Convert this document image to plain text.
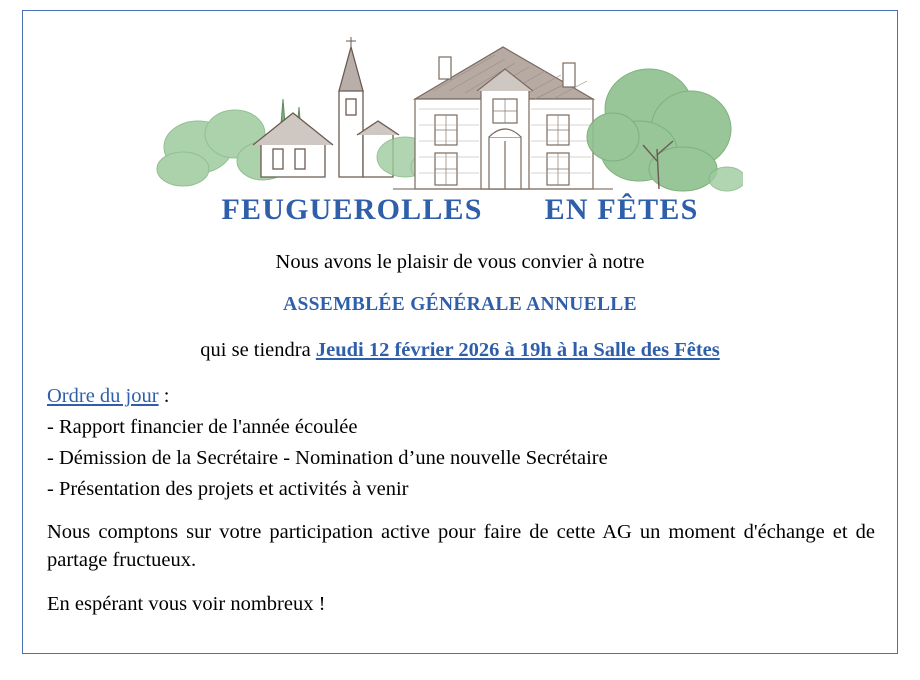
FEUGUEROLLES EN FÊTES
Nous avons le plaisir de vous convier à notre
ASSEMBLÉE GÉNÉRALE ANNUELLE
qui se tiendra Jeudi 12 février 2026 à 19h à la Salle des Fêtes
Ordre du jour :
- Rapport financier de l'année écoulée
- Démission de la Secrétaire - Nomination d’une nouvelle Secrétaire
- Présentation des projets et activités à venir
Nous comptons sur votre participation active pour faire de cette AG un moment d'échange et de partage fructueux.
En espérant vous voir nombreux !
